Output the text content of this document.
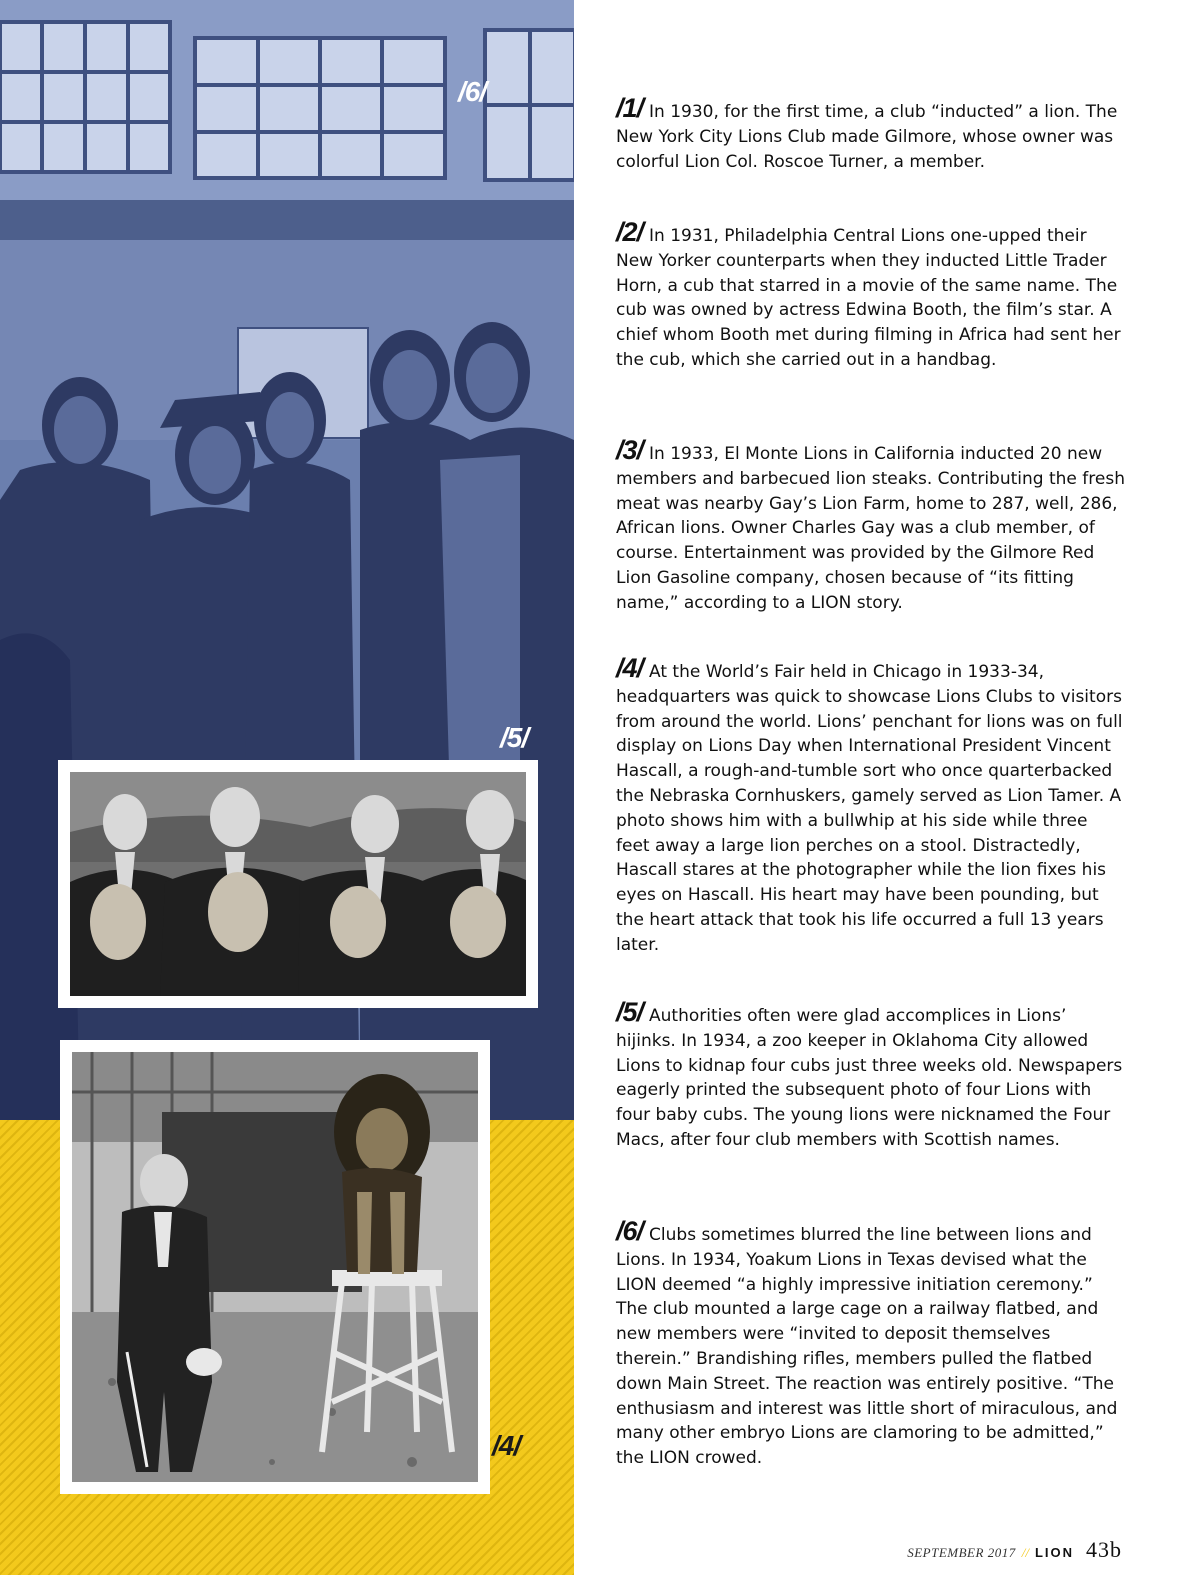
/6/
/5/
/4/

/1/ In 1930, for the first time, a club “inducted” a lion. The New York City Lions Club made Gilmore, whose owner was colorful Lion Col. Roscoe Turner, a member.

/2/ In 1931, Philadelphia Central Lions one-upped their New Yorker counterparts when they inducted Little Trader Horn, a cub that starred in a movie of the same name. The cub was owned by actress Edwina Booth, the film’s star. A chief whom Booth met during filming in Africa had sent her the cub, which she carried out in a handbag.

/3/ In 1933, El Monte Lions in California inducted 20 new members and barbecued lion steaks. Contributing the fresh meat was nearby Gay’s Lion Farm, home to 287, well, 286, African lions. Owner Charles Gay was a club member, of course. Entertainment was provided by the Gilmore Red Lion Gasoline company, chosen because of “its fitting name,” according to a LION story.

/4/ At the World’s Fair held in Chicago in 1933-34, headquarters was quick to showcase Lions Clubs to visitors from around the world. Lions’ penchant for lions was on full display on Lions Day when International President Vincent Hascall, a rough-and-tumble sort who once quarterbacked the Nebraska Cornhuskers, gamely served as Lion Tamer. A photo shows him with a bullwhip at his side while three feet away a large lion perches on a stool. Distractedly, Hascall stares at the photographer while the lion fixes his eyes on Hascall. His heart may have been pounding, but the heart attack that took his life occurred a full 13 years later.

/5/ Authorities often were glad accomplices in Lions’ hijinks. In 1934, a zoo keeper in Oklahoma City allowed Lions to kidnap four cubs just three weeks old. Newspapers eagerly printed the subsequent photo of four Lions with four baby cubs. The young lions were nicknamed the Four Macs, after four club members with Scottish names.

/6/ Clubs sometimes blurred the line between lions and Lions. In 1934, Yoakum Lions in Texas devised what the LION deemed “a highly impressive initiation ceremony.” The club mounted a large cage on a railway flatbed, and new members were “invited to deposit themselves therein.” Brandishing rifles, members pulled the flatbed down Main Street. The reaction was entirely positive. “The enthusiasm and interest was little short of miraculous, and many other embryo Lions are clamoring to be admitted,” the LION crowed.

SEPTEMBER 2017 // LION 43b
